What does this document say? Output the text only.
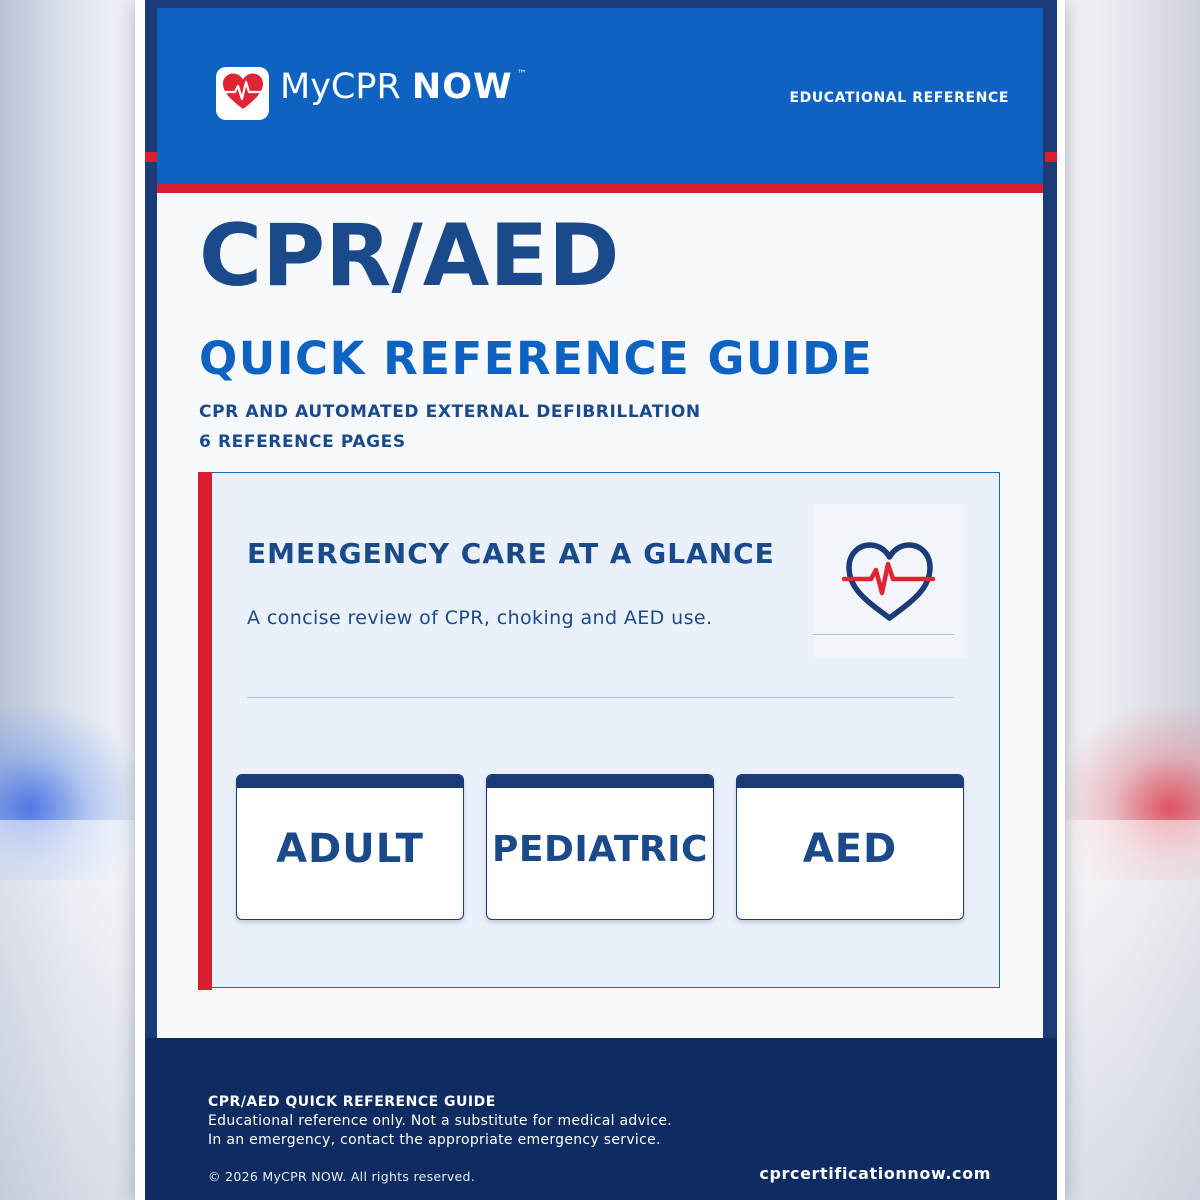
MyCPR NOW ™
EDUCATIONAL REFERENCE
CPR/AED
QUICK REFERENCE GUIDE
CPR AND AUTOMATED EXTERNAL DEFIBRILLATION
6 REFERENCE PAGES
EMERGENCY CARE AT A GLANCE
A concise review of CPR, choking and AED use.
ADULT	PEDIATRIC	AED
CPR/AED QUICK REFERENCE GUIDE
Educational reference only. Not a substitute for medical advice.
In an emergency, contact the appropriate emergency service.
© 2026 MyCPR NOW. All rights reserved.	cprcertificationnow.com
